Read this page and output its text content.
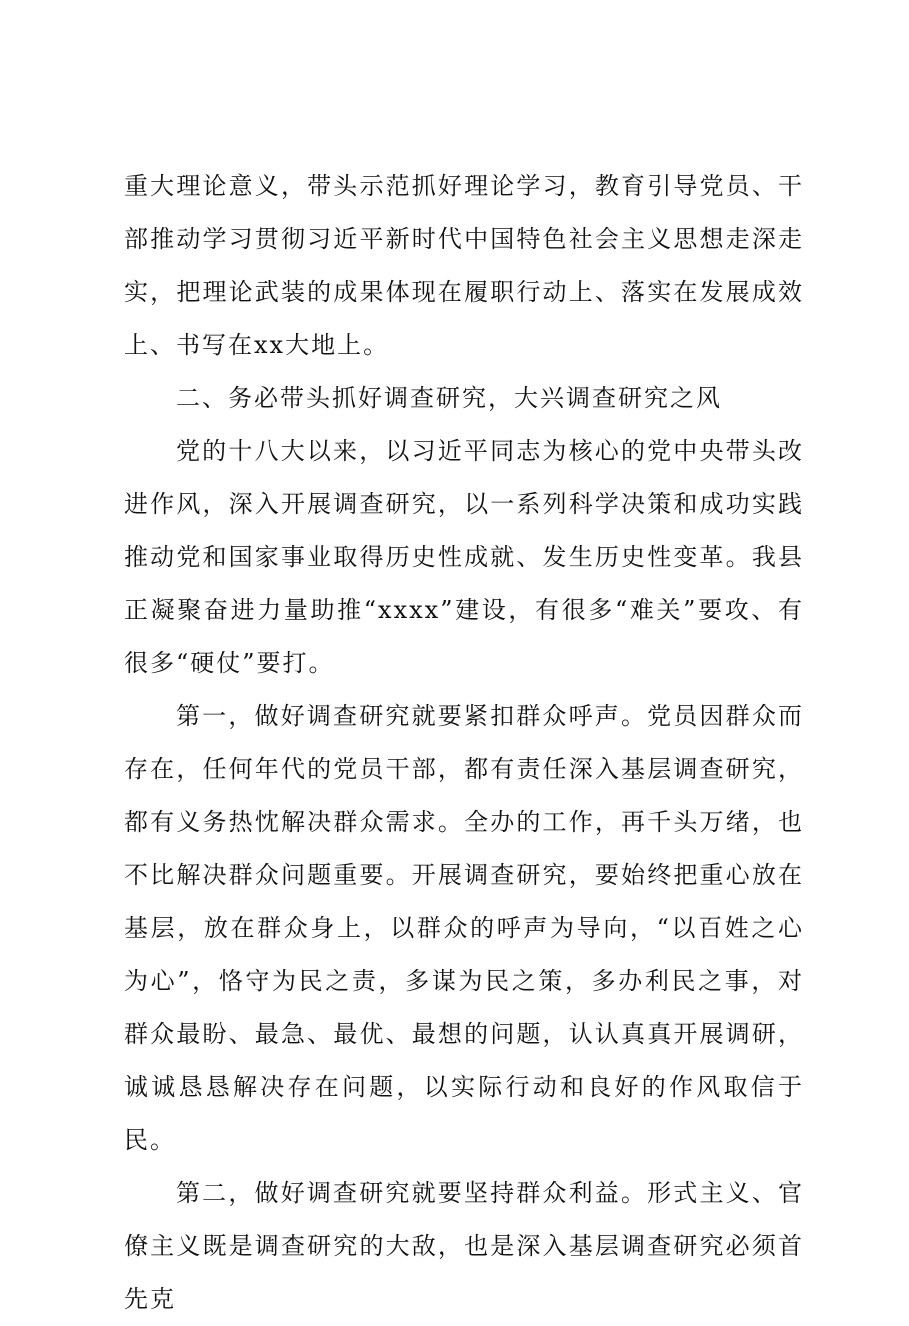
重大理论意义，带头示范抓好理论学习，教育引导党员、干部推动学习贯彻习近平新时代中国特色社会主义思想走深走实，把理论武装的成果体现在履职行动上、落实在发展成效上、书写在xx大地上。

二、务必带头抓好调查研究，大兴调查研究之风

党的十八大以来，以习近平同志为核心的党中央带头改进作风，深入开展调查研究，以一系列科学决策和成功实践推动党和国家事业取得历史性成就、发生历史性变革。我县正凝聚奋进力量助推“xxxx”建设，有很多“难关”要攻、有很多“硬仗”要打。

第一，做好调查研究就要紧扣群众呼声。党员因群众而存在，任何年代的党员干部，都有责任深入基层调查研究，都有义务热忱解决群众需求。全办的工作，再千头万绪，也不比解决群众问题重要。开展调查研究，要始终把重心放在基层，放在群众身上，以群众的呼声为导向，“以百姓之心为心”，恪守为民之责，多谋为民之策，多办利民之事，对群众最盼、最急、最优、最想的问题，认认真真开展调研，诚诚恳恳解决存在问题，以实际行动和良好的作风取信于民。

第二，做好调查研究就要坚持群众利益。形式主义、官僚主义既是调查研究的大敌，也是深入基层调查研究必须首先克
